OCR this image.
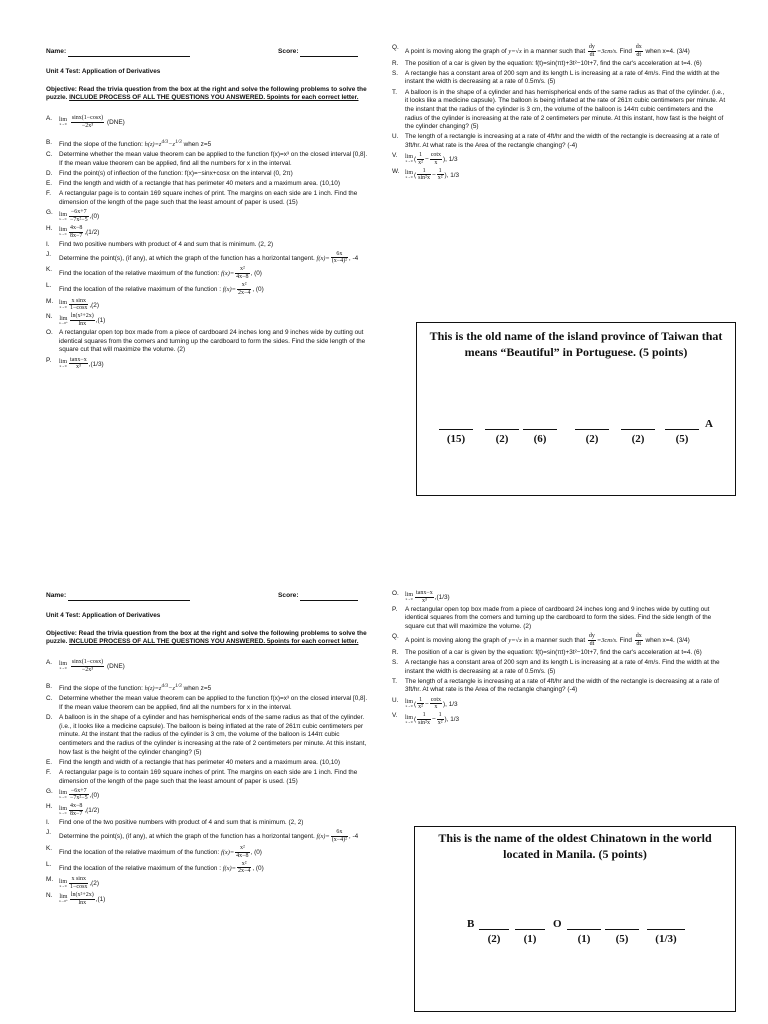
Name:	Score:
Unit 4 Test: Application of Derivatives
Objective: Read the trivia question from the box at the right and solve the following problems to solve the puzzle. INCLUDE PROCESS OF ALL THE QUESTIONS YOU ANSWERED. 5points for each correct letter.
A.	lim
x→0
$\frac{\sin x(1-\cos x)}{\text{−2x³}} (DNE)$
B.	Find the slope of the function: $h(z)=z^{4/3}-z^{1/3}$ when z=5
C.	Determine whether the mean value theorem can be applied to the function f(x)=x³ on the closed interval [0,8]. If the mean value theorem can be applied, find all the numbers for x in the interval.
D.	Find the point(s) of inflection of the function: f(x)=−sinx+cosx on the interval (0, 2π)
E.	Find the length and width of a rectangle that has perimeter 40 meters and a maximum area. (10,10)
F.	A rectangular page is to contain 169 square inches of print. The margins on each side are 1 inch. Find the dimension of the length of the page such that the least amount of paper is used. (15)
G.	lim
$x\to\infty \frac{-6x+7}{\text{−7x²−5}} ,(0)$
H.	lim
$x\to\infty \frac{4x-8}{8x-7} ,(1/2)$
I.	Find two positive numbers with product of 4 and sum that is minimum. (2, 2)
J.
Determine the point(s), (if any), at which the graph of the function has a horizontal tangent. $f(x)= \frac{6x}{\text{(x−4)²}}$ , -4
K.
Find the location of the relative maximum of the function: $f(x)= \frac{\text{x²}}{4x-8}$ , (0)
L.
Find the location of the relative maximum of the function : $f(x)= \frac{\text{x²}}{2x-4}$ , (0)
M. lim
$x\to 0 \frac{\text{x sinx}}{1-\cos x} ,(2)$
N.	lim
$x\to 0^+ \frac{\text{ln(x²+2x)}}{\ln x} ,(1)$
O. A rectangular open top box made from a piece of cardboard 24 inches long and 9 inches wide by cutting out identical squares from the corners and turning up the cardboard to form the sides. Find the side length of the square cut that will maximize the volume. (2)
P.	lim
$x\to 0 \frac{\tan x-x}{\text{x³}} ,(1/3)$
Q.
A point is moving along the graph of y=√x in a manner such that $\frac{dy}{dt} =3cm/s$. Find $\frac{dx}{dt}$ when x=4. (3/4)
R.	The position of a car is given by the equation: f(t)=sin(πt)+3t²−10t+7, find the car's acceleration at t=4. (6)
S.	A rectangle has a constant area of 200 sqm and its length L is increasing at a rate of 4m/s. Find the width at the instant the width is decreasing at a rate of 0.5m/s. (5)
T.	A balloon is in the shape of a cylinder and has hemispherical ends of the same radius as that of the cylinder. (i.e., it looks like a medicine capsule). The balloon is being inflated at the rate of 261π cubic centimeters per minute. At the instant that the radius of the cylinder is 3 cm, the volume of the balloon is 144π cubic centimeters and the radius of the cylinder is increasing at the rate of 2 centimeters per minute. At this instant, how fast is the height of the cylinder changing? (5)
U.	The length of a rectangle is increasing at a rate of 4ft/hr and the width of the rectangle is decreasing at a rate of 3ft/hr. At what rate is the Area of the rectangle changing? (-4)
V.	lim
x→0 ( $\frac{1}{\text{x²}} - \frac{\cot x}{x}$ ), 1/3
W. lim
x→0 ( $\frac{1}{\text{sin²x}} - \frac{1}{\text{x²}}$ ), 1/3
This is the old name of the island province of Taiwan that means “Beautiful” in Portuguese. (5 points)
(15)	(2)	(6)	(2)	(2)	(5)
A
Name:	Score:
Unit 4 Test: Application of Derivatives
Objective: Read the trivia question from the box at the right and solve the following problems to solve the puzzle. INCLUDE PROCESS OF ALL THE QUESTIONS YOU ANSWERED. 5points for each correct letter.
A.	lim
x→0
$\frac{\sin x(1-\cos x)}{\text{−2x³}} (DNE)$
B.	Find the slope of the function: $h(z)=z^{4/3}-z^{1/3}$ when z=5
C.	Determine whether the mean value theorem can be applied to the function f(x)=x³ on the closed interval [0,8]. If the mean value theorem can be applied, find all the numbers for x in the interval.
D.	A balloon is in the shape of a cylinder and has hemispherical ends of the same radius as that of the cylinder. (i.e., it looks like a medicine capsule). The balloon is being inflated at the rate of 261π cubic centimeters per minute. At the instant that the radius of the cylinder is 3 cm, the volume of the balloon is 144π cubic centimeters and the radius of the cylinder is increasing at the rate of 2 centimeters per minute. At this instant, how fast is the height of the cylinder changing? (5)
E.	Find the length and width of a rectangle that has perimeter 40 meters and a maximum area. (10,10)
F.	A rectangular page is to contain 169 square inches of print. The margins on each side are 1 inch. Find the dimension of the length of the page such that the least amount of paper is used. (15)
G.	lim
$x\to\infty \frac{-6x+7}{\text{−7x²−5}} ,(0)$
H.	lim
$x\to\infty \frac{4x-8}{8x-7} ,(1/2)$
I.	Find one of the two positive numbers with product of 4 and sum that is minimum. (2, 2)
J.
Determine the point(s), (if any), at which the graph of the function has a horizontal tangent. $f(x)= \frac{6x}{\text{(x−4)²}}$ , -4
K.
Find the location of the relative maximum of the function: $f(x)= \frac{\text{x²}}{4x-8}$ , (0)
L.
Find the location of the relative maximum of the function : $f(x)= \frac{\text{x²}}{2x-4}$ , (0)
M. lim
$x\to 0 \frac{\text{x sinx}}{1-\cos x} ,(2)$
N.	lim
$x\to 0^+ \frac{\text{ln(x²+2x)}}{\ln x} ,(1)$
O.	lim
$x\to 0 \frac{\tan x-x}{\text{x³}} ,(1/3)$
P.	A rectangular open top box made from a piece of cardboard 24 inches long and 9 inches wide by cutting out identical squares from the corners and turning up the cardboard to form the sides. Find the side length of the square cut that will maximize the volume. (2)
Q.
A point is moving along the graph of y=√x in a manner such that $\frac{dy}{dt} =3cm/s$. Find $\frac{dx}{dt}$ when x=4. (3/4)
R.	The position of a car is given by the equation: f(t)=sin(πt)+3t²−10t+7, find the car's acceleration at t=4. (6)
S.	A rectangle has a constant area of 200 sqm and its length L is increasing at a rate of 4m/s. Find the width at the instant the width is decreasing at a rate of 0.5m/s. (5)
T.	The length of a rectangle is increasing at a rate of 4ft/hr and the width of the rectangle is decreasing at a rate of 3ft/hr. At what rate is the Area of the rectangle changing? (-4)
U.	lim
x→0 ( $\frac{1}{\text{x²}} - \frac{\cot x}{x}$ ), 1/3
V.	lim
x→0 ( $\frac{1}{\text{sin²x}} - \frac{1}{\text{x²}}$ ), 1/3
This is the name of the oldest Chinatown in the world located in Manila. (5 points)
B
(2)	(1)
O
(1)	(5)	(1/3)
